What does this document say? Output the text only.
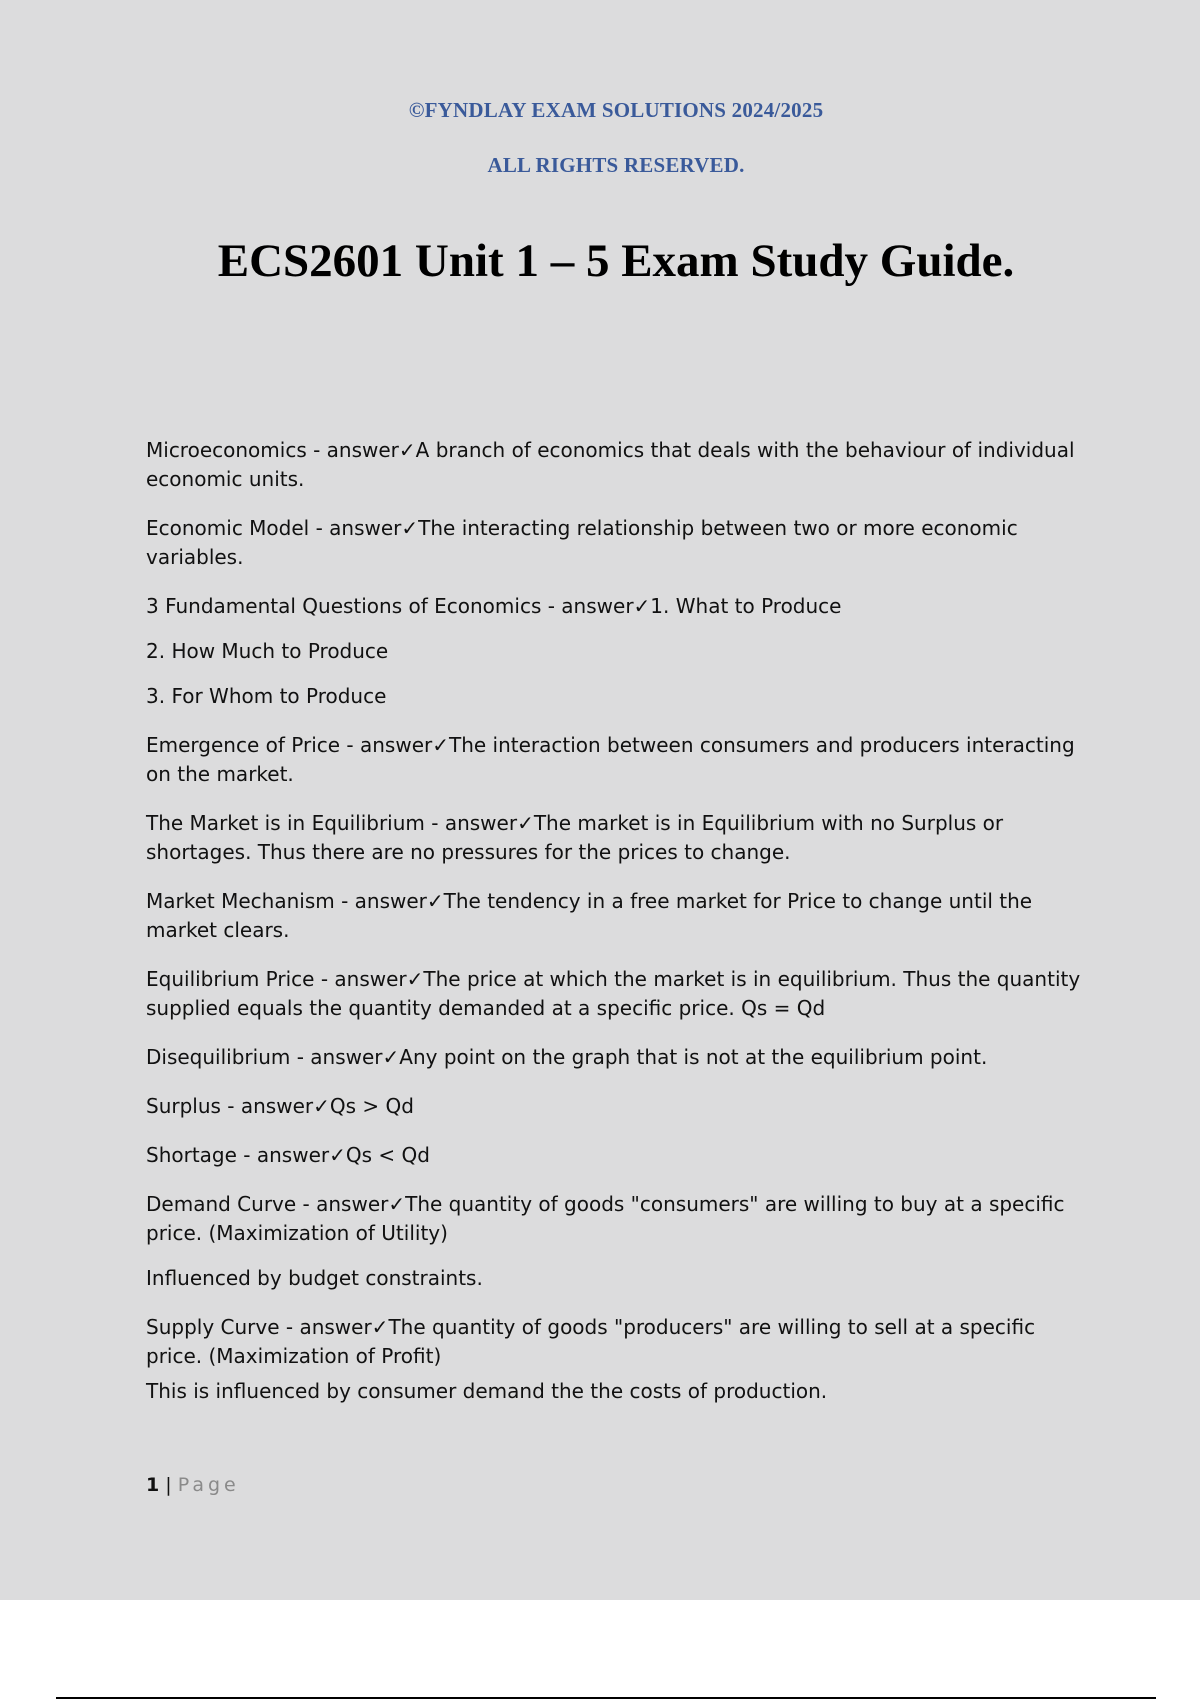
©FYNDLAY EXAM SOLUTIONS 2024/2025
ALL RIGHTS RESERVED.
ECS2601 Unit 1 – 5 Exam Study Guide.

Microeconomics - answer✓A branch of economics that deals with the behaviour of individual economic units.

Economic Model - answer✓The interacting relationship between two or more economic variables.

3 Fundamental Questions of Economics - answer✓1. What to Produce

2. How Much to Produce

3. For Whom to Produce

Emergence of Price - answer✓The interaction between consumers and producers interacting on the market.

The Market is in Equilibrium - answer✓The market is in Equilibrium with no Surplus or shortages. Thus there are no pressures for the prices to change.

Market Mechanism - answer✓The tendency in a free market for Price to change until the market clears.

Equilibrium Price - answer✓The price at which the market is in equilibrium. Thus the quantity supplied equals the quantity demanded at a specific price. Qs = Qd

Disequilibrium - answer✓Any point on the graph that is not at the equilibrium point.

Surplus - answer✓Qs > Qd

Shortage - answer✓Qs < Qd

Demand Curve - answer✓The quantity of goods "consumers" are willing to buy at a specific price. (Maximization of Utility)

Influenced by budget constraints.

Supply Curve - answer✓The quantity of goods "producers" are willing to sell at a specific price. (Maximization of Profit)

This is influenced by consumer demand the the costs of production.

1 | Page
